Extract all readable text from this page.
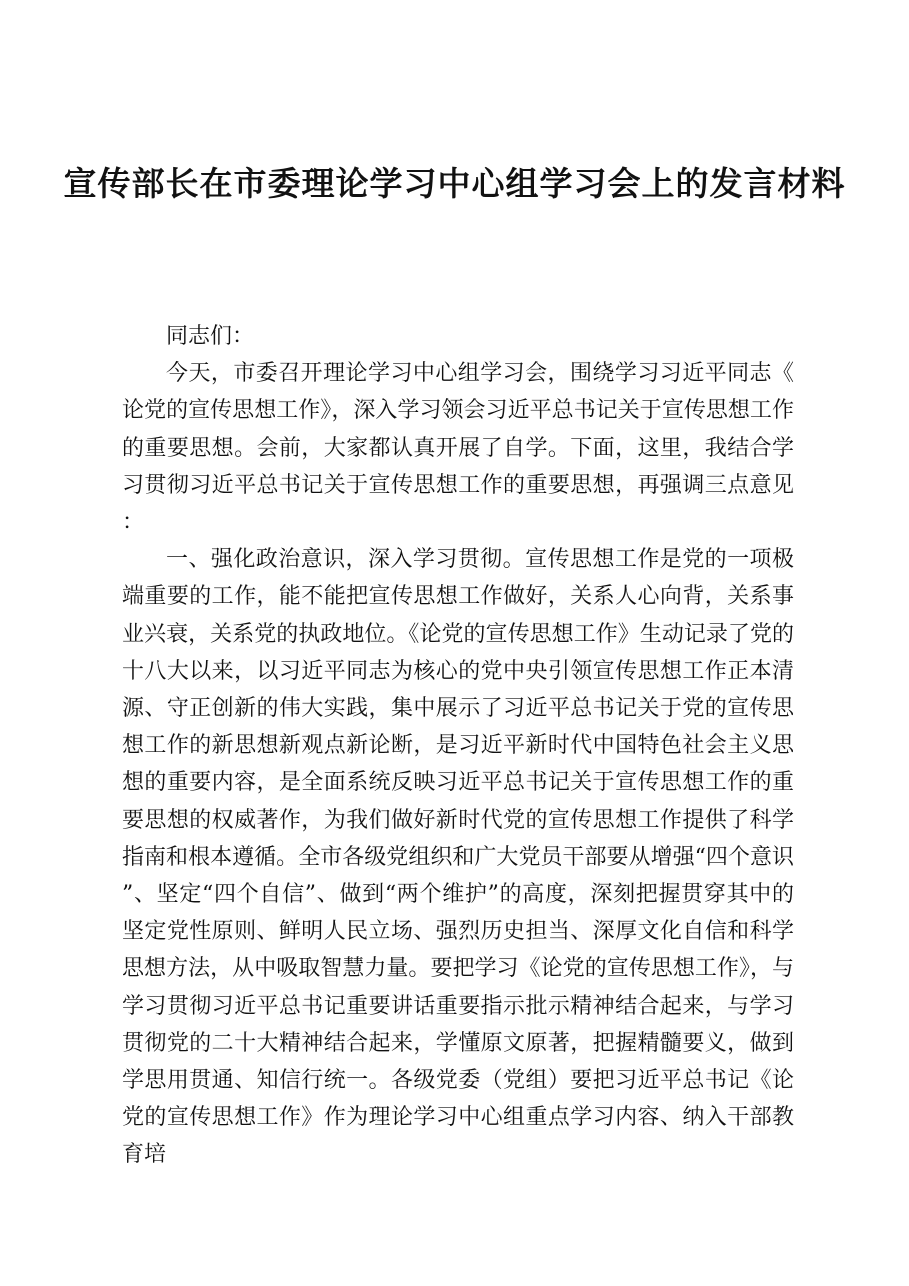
宣传部长在市委理论学习中心组学习会上的发言材料

同志们：

今天，市委召开理论学习中心组学习会，围绕学习习近平同志《论党的宣传思想工作》，深入学习领会习近平总书记关于宣传思想工作的重要思想。会前，大家都认真开展了自学。下面，这里，我结合学习贯彻习近平总书记关于宣传思想工作的重要思想，再强调三点意见：

一、强化政治意识，深入学习贯彻。宣传思想工作是党的一项极端重要的工作，能不能把宣传思想工作做好，关系人心向背，关系事业兴衰，关系党的执政地位。《论党的宣传思想工作》生动记录了党的十八大以来，以习近平同志为核心的党中央引领宣传思想工作正本清源、守正创新的伟大实践，集中展示了习近平总书记关于党的宣传思想工作的新思想新观点新论断，是习近平新时代中国特色社会主义思想的重要内容，是全面系统反映习近平总书记关于宣传思想工作的重要思想的权威著作，为我们做好新时代党的宣传思想工作提供了科学指南和根本遵循。全市各级党组织和广大党员干部要从增强“四个意识”、坚定“四个自信”、做到“两个维护”的高度，深刻把握贯穿其中的坚定党性原则、鲜明人民立场、强烈历史担当、深厚文化自信和科学思想方法，从中吸取智慧力量。要把学习《论党的宣传思想工作》，与学习贯彻习近平总书记重要讲话重要指示批示精神结合起来，与学习贯彻党的二十大精神结合起来，学懂原文原著，把握精髓要义，做到学思用贯通、知信行统一。各级党委（党组）要把习近平总书记《论党的宣传思想工作》作为理论学习中心组重点学习内容、纳入干部教育培
